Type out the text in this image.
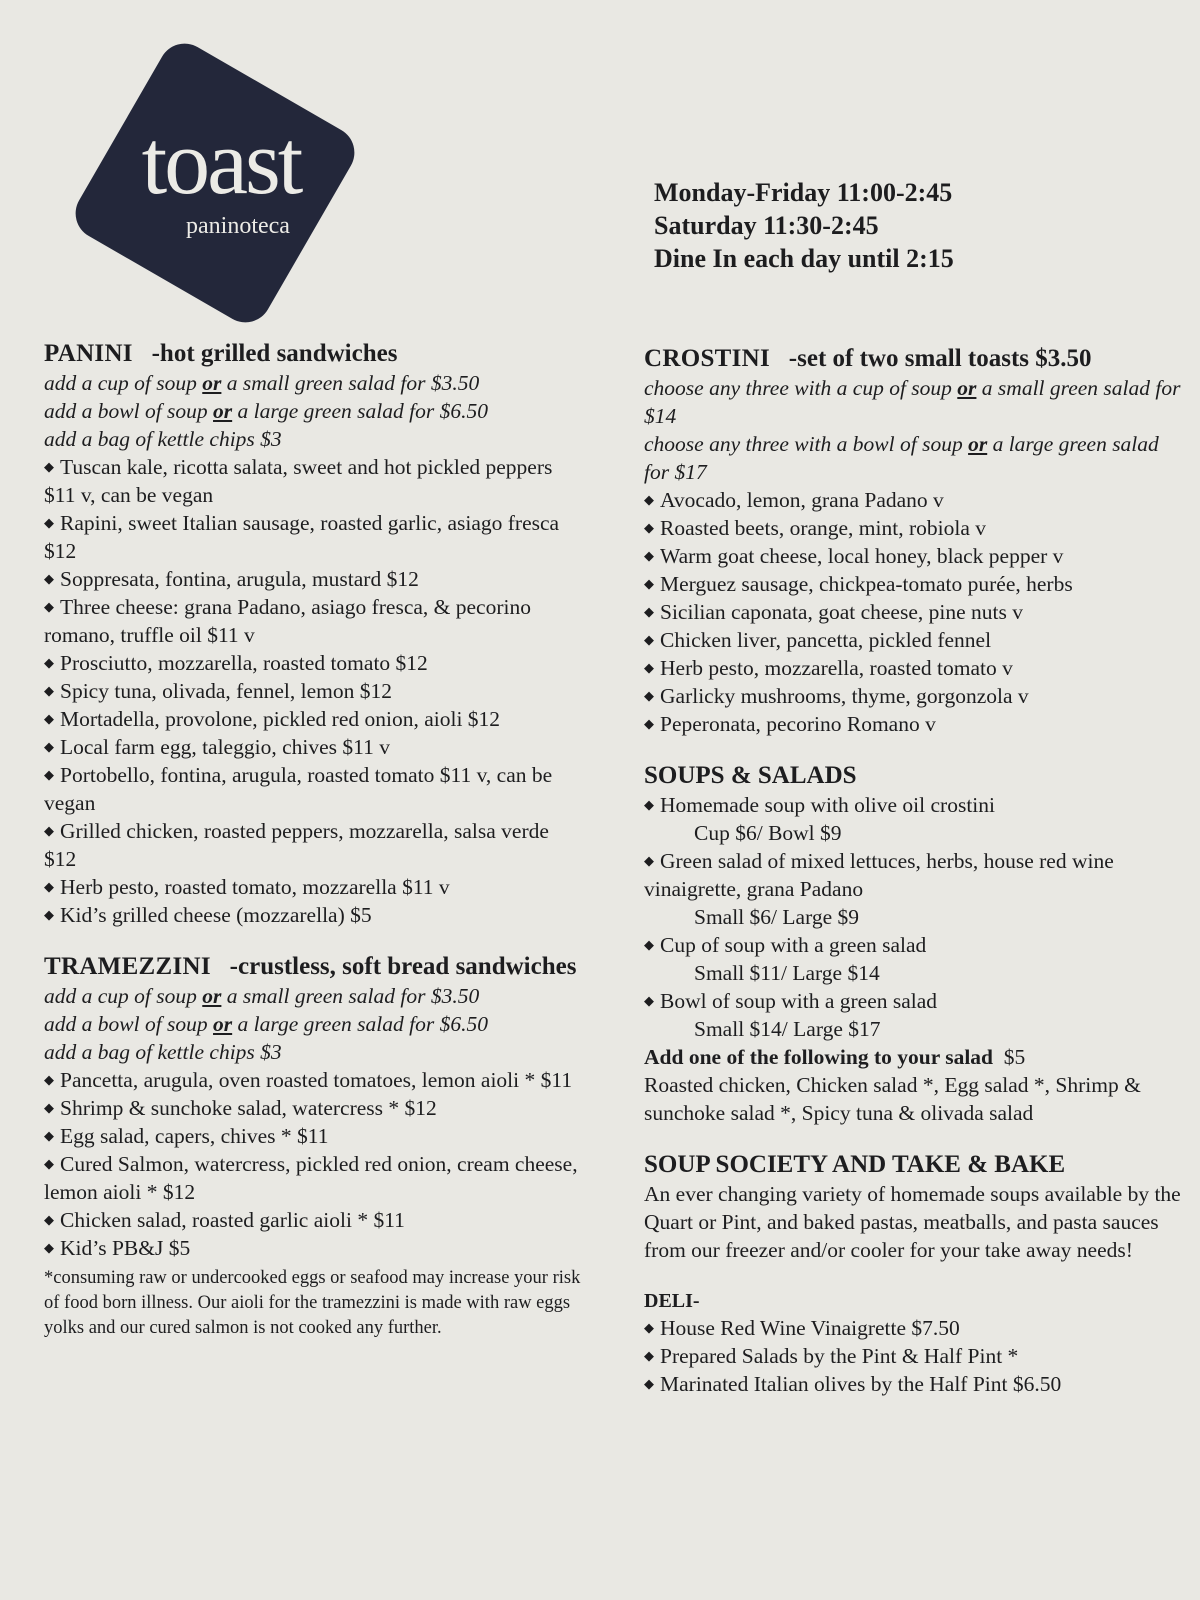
toast
paninoteca
Monday-Friday 11:00-2:45
Saturday 11:30-2:45
Dine In each day until 2:15
PANINI -hot grilled sandwiches
add a cup of soup or a small green salad for $3.50
add a bowl of soup or a large green salad for $6.50
add a bag of kettle chips $3
◆ Tuscan kale, ricotta salata, sweet and hot pickled peppers $11 v, can be vegan
◆ Rapini, sweet Italian sausage, roasted garlic, asiago fresca $12
◆ Soppresata, fontina, arugula, mustard $12
◆ Three cheese: grana Padano, asiago fresca, & pecorino romano, truffle oil $11 v
◆ Prosciutto, mozzarella, roasted tomato $12
◆ Spicy tuna, olivada, fennel, lemon $12
◆ Mortadella, provolone, pickled red onion, aioli $12
◆ Local farm egg, taleggio, chives $11 v
◆ Portobello, fontina, arugula, roasted tomato $11 v, can be vegan
◆ Grilled chicken, roasted peppers, mozzarella, salsa verde $12
◆ Herb pesto, roasted tomato, mozzarella $11 v
◆ Kid’s grilled cheese (mozzarella) $5
TRAMEZZINI -crustless, soft bread sandwiches
add a cup of soup or a small green salad for $3.50
add a bowl of soup or a large green salad for $6.50
add a bag of kettle chips $3
◆ Pancetta, arugula, oven roasted tomatoes, lemon aioli * $11
◆ Shrimp & sunchoke salad, watercress * $12
◆ Egg salad, capers, chives * $11
◆ Cured Salmon, watercress, pickled red onion, cream cheese, lemon aioli * $12
◆ Chicken salad, roasted garlic aioli * $11
◆ Kid’s PB&J $5
*consuming raw or undercooked eggs or seafood may increase your risk of food born illness. Our aioli for the tramezzini is made with raw eggs yolks and our cured salmon is not cooked any further.
CROSTINI -set of two small toasts $3.50
choose any three with a cup of soup or a small green salad for $14
choose any three with a bowl of soup or a large green salad for $17
◆ Avocado, lemon, grana Padano v
◆ Roasted beets, orange, mint, robiola v
◆ Warm goat cheese, local honey, black pepper v
◆ Merguez sausage, chickpea-tomato purée, herbs
◆ Sicilian caponata, goat cheese, pine nuts v
◆ Chicken liver, pancetta, pickled fennel
◆ Herb pesto, mozzarella, roasted tomato v
◆ Garlicky mushrooms, thyme, gorgonzola v
◆ Peperonata, pecorino Romano v
SOUPS & SALADS
◆ Homemade soup with olive oil crostini
Cup $6/ Bowl $9
◆ Green salad of mixed lettuces, herbs, house red wine vinaigrette, grana Padano
Small $6/ Large $9
◆ Cup of soup with a green salad
Small $11/ Large $14
◆ Bowl of soup with a green salad
Small $14/ Large $17
Add one of the following to your salad $5
Roasted chicken, Chicken salad *, Egg salad *, Shrimp & sunchoke salad *, Spicy tuna & olivada salad
SOUP SOCIETY AND TAKE & BAKE
An ever changing variety of homemade soups available by the Quart or Pint, and baked pastas, meatballs, and pasta sauces from our freezer and/or cooler for your take away needs!
DELI-
◆ House Red Wine Vinaigrette $7.50
◆ Prepared Salads by the Pint & Half Pint *
◆ Marinated Italian olives by the Half Pint $6.50
